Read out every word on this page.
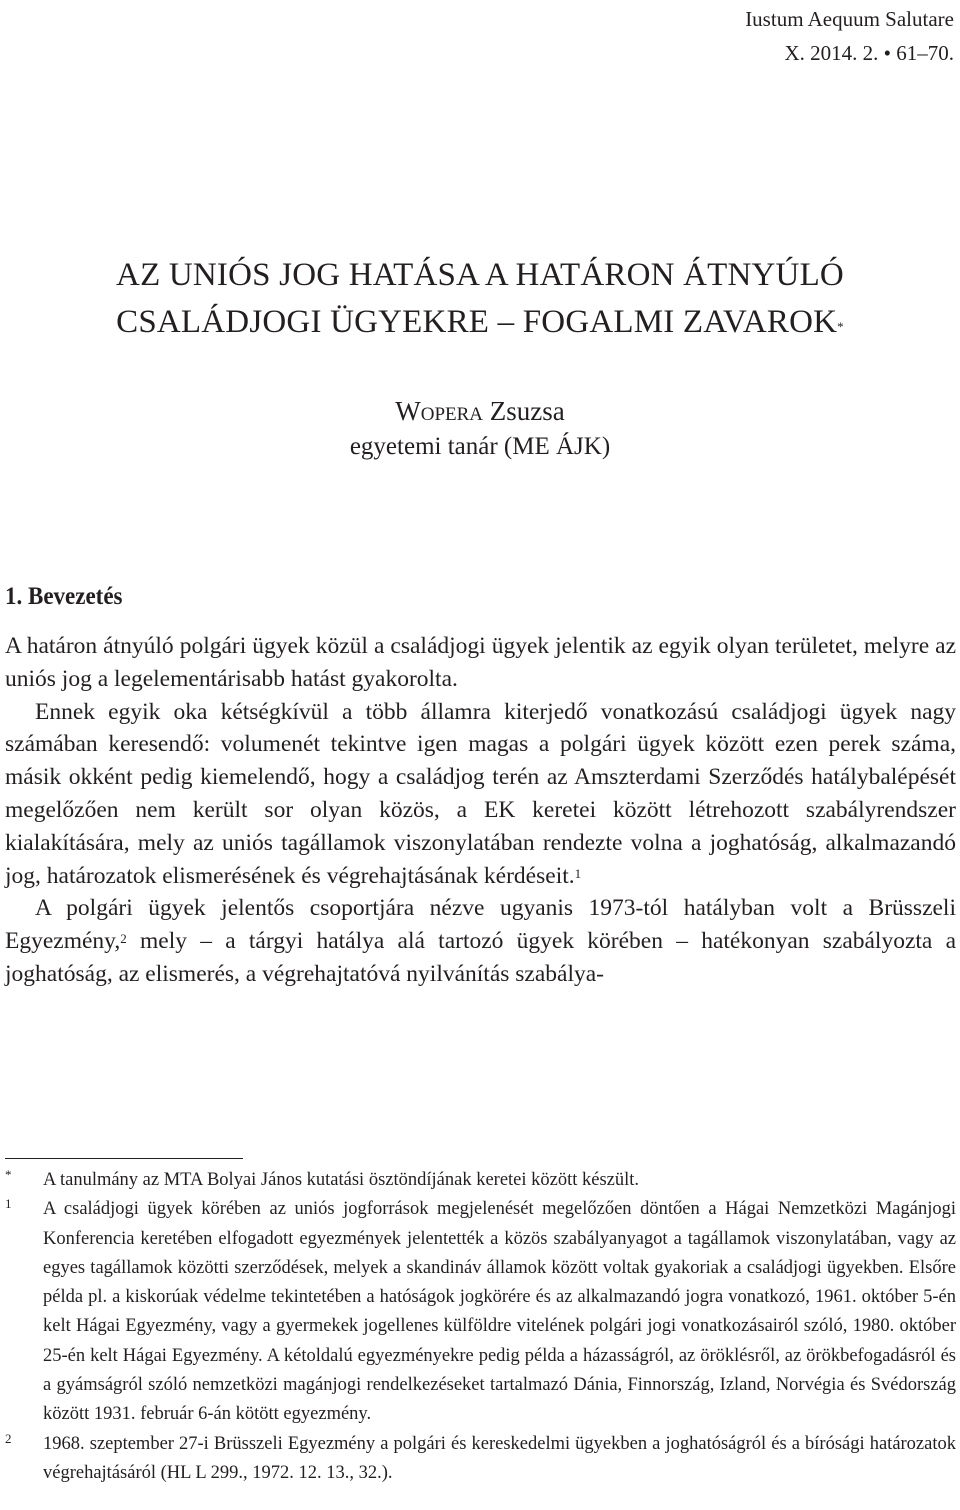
Iustum Aequum Salutare
X. 2014. 2. • 61–70.
AZ UNIÓS JOG HATÁSA A HATÁRON ÁTNYÚLÓ
CSALÁDJOGI ÜGYEKRE – FOGALMI ZAVAROK*
Wopera Zsuzsa
egyetemi tanár (ME ÁJK)
1. Bevezetés

A határon átnyúló polgári ügyek közül a családjogi ügyek jelentik az egyik olyan területet, melyre az uniós jog a legelementárisabb hatást gyakorolta.

Ennek egyik oka kétségkívül a több államra kiterjedő vonatkozású családjogi ügyek nagy számában keresendő: volumenét tekintve igen magas a polgári ügyek között ezen perek száma, másik okként pedig kiemelendő, hogy a családjog terén az Amszterdami Szerződés hatálybalépését megelőzően nem került sor olyan közös, a EK keretei között létrehozott szabályrendszer kialakítására, mely az uniós tagállamok viszonylatában rendezte volna a joghatóság, alkalmazandó jog, határozatok elismerésének és végrehajtásának kérdéseit.$^1$

A polgári ügyek jelentős csoportjára nézve ugyanis 1973-tól hatályban volt a Brüsszeli Egyezmény,$^2$ mely – a tárgyi hatálya alá tartozó ügyek körében – hatékonyan szabályozta a joghatóság, az elismerés, a végrehajtatóvá nyilvánítás szabálya-

*	A tanulmány az MTA Bolyai János kutatási ösztöndíjának keretei között készült.
1	A családjogi ügyek körében az uniós jogforrások megjelenését megelőzően döntően a Hágai Nemzetközi Magánjogi Konferencia keretében elfogadott egyezmények jelentették a közös szabályanyagot a tagállamok viszonylatában, vagy az egyes tagállamok közötti szerződések, melyek a skandináv államok között voltak gyakoriak a családjogi ügyekben. Elsőre példa pl. a kiskorúak védelme tekintetében a hatóságok jogkörére és az alkalmazandó jogra vonatkozó, 1961. október 5-én kelt Hágai Egyezmény, vagy a gyermekek jogellenes külföldre vitelének polgári jogi vonatkozásairól szóló, 1980. október 25-én kelt Hágai Egyezmény. A kétoldalú egyezményekre pedig példa a házasságról, az öröklésről, az örökbefogadásról és a gyámságról szóló nemzetközi magánjogi rendelkezéseket tartalmazó Dánia, Finnország, Izland, Norvégia és Svédország között 1931. február 6-án kötött egyezmény.
2	1968. szeptember 27-i Brüsszeli Egyezmény a polgári és kereskedelmi ügyekben a joghatóságról és a bírósági határozatok végrehajtásáról (HL L 299., 1972. 12. 13., 32.).
